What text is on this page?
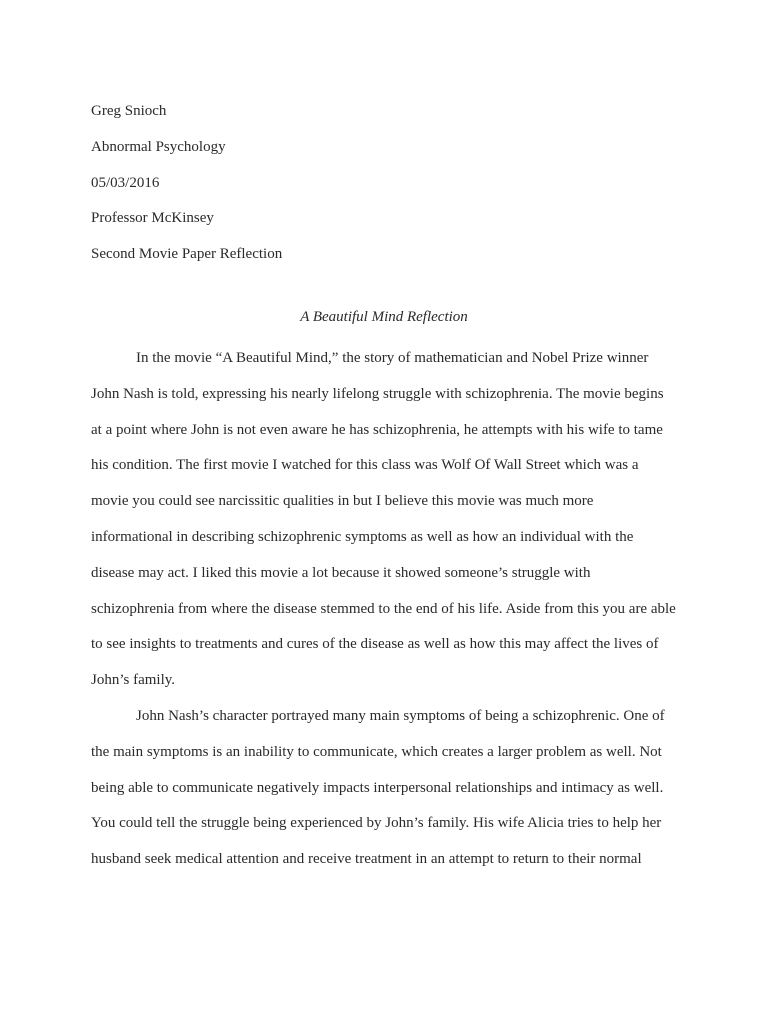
Greg Snioch
Abnormal Psychology
05/03/2016
Professor McKinsey
Second Movie Paper Reflection
A Beautiful Mind Reflection
In the movie “A Beautiful Mind,” the story of mathematician and Nobel Prize winner
John Nash is told, expressing his nearly lifelong struggle with schizophrenia. The movie begins
at a point where John is not even aware he has schizophrenia, he attempts with his wife to tame
his condition. The first movie I watched for this class was Wolf Of Wall Street which was a
movie you could see narcissitic qualities in but I believe this movie was much more
informational in describing schizophrenic symptoms as well as how an individual with the
disease may act. I liked this movie a lot because it showed someone’s struggle with
schizophrenia from where the disease stemmed to the end of his life. Aside from this you are able
to see insights to treatments and cures of the disease as well as how this may affect the lives of
John’s family.
John Nash’s character portrayed many main symptoms of being a schizophrenic. One of
the main symptoms is an inability to communicate, which creates a larger problem as well. Not
being able to communicate negatively impacts interpersonal relationships and intimacy as well.
You could tell the struggle being experienced by John’s family. His wife Alicia tries to help her
husband seek medical attention and receive treatment in an attempt to return to their normal
